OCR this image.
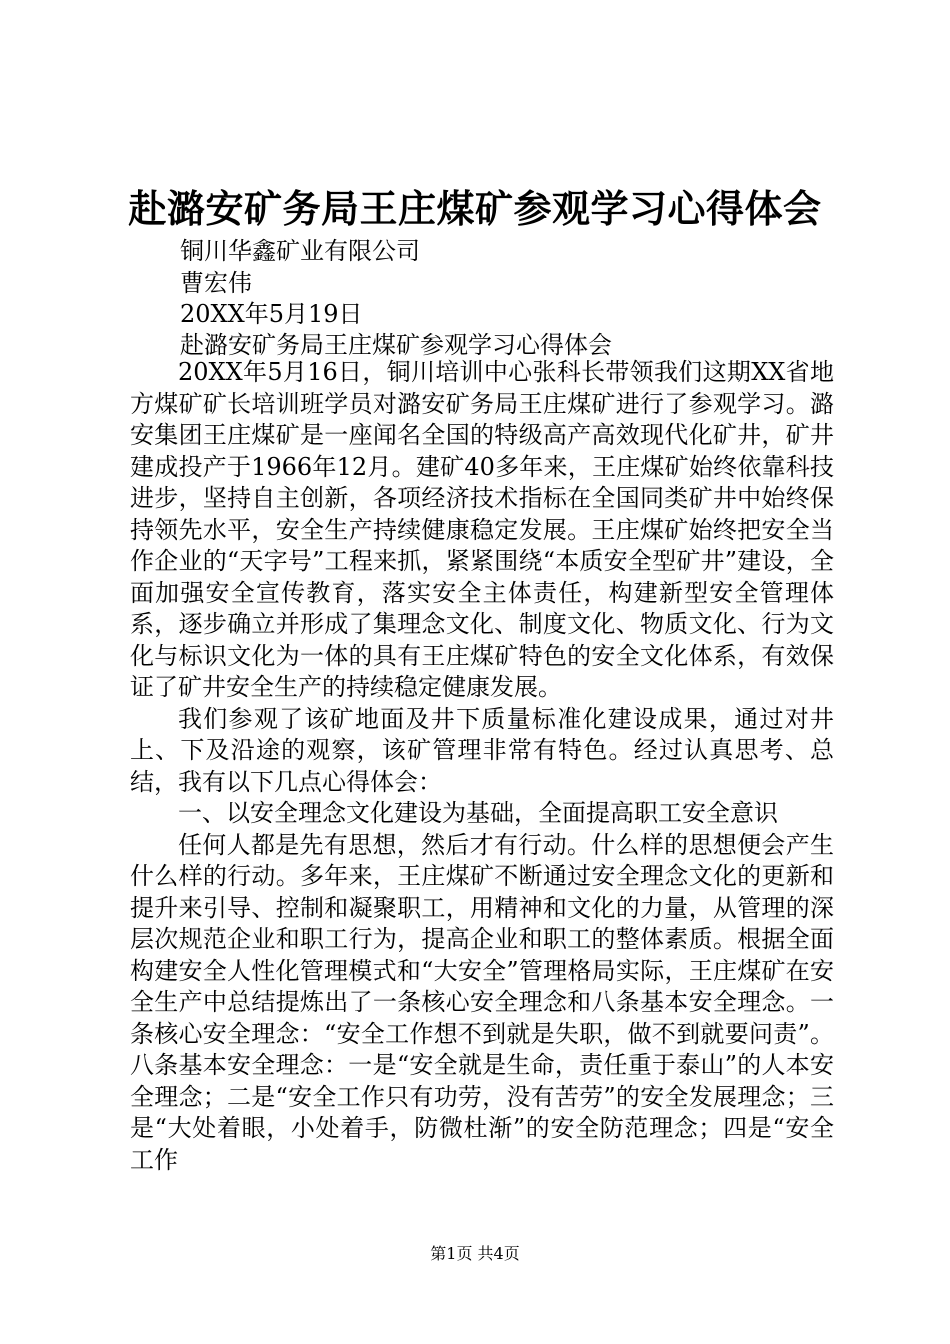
赴潞安矿务局王庄煤矿参观学习心得体会
铜川华鑫矿业有限公司
曹宏伟
20XX年5月19日
赴潞安矿务局王庄煤矿参观学习心得体会

20XX年5月16日，铜川培训中心张科长带领我们这期XX省地方煤矿矿长培训班学员对潞安矿务局王庄煤矿进行了参观学习。潞安集团王庄煤矿是一座闻名全国的特级高产高效现代化矿井，矿井建成投产于1966年12月。建矿40多年来，王庄煤矿始终依靠科技进步，坚持自主创新，各项经济技术指标在全国同类矿井中始终保持领先水平，安全生产持续健康稳定发展。王庄煤矿始终把安全当作企业的“天字号”工程来抓，紧紧围绕“本质安全型矿井”建设，全面加强安全宣传教育，落实安全主体责任，构建新型安全管理体系，逐步确立并形成了集理念文化、制度文化、物质文化、行为文化与标识文化为一体的具有王庄煤矿特色的安全文化体系，有效保证了矿井安全生产的持续稳定健康发展。

我们参观了该矿地面及井下质量标准化建设成果，通过对井上、下及沿途的观察，该矿管理非常有特色。经过认真思考、总结，我有以下几点心得体会：

一、以安全理念文化建设为基础，全面提高职工安全意识

任何人都是先有思想，然后才有行动。什么样的思想便会产生什么样的行动。多年来，王庄煤矿不断通过安全理念文化的更新和提升来引导、控制和凝聚职工，用精神和文化的力量，从管理的深层次规范企业和职工行为，提高企业和职工的整体素质。根据全面构建安全人性化管理模式和“大安全”管理格局实际，王庄煤矿在安全生产中总结提炼出了一条核心安全理念和八条基本安全理念。一条核心安全理念：“安全工作想不到就是失职，做不到就要问责”。八条基本安全理念：一是“安全就是生命，责任重于泰山”的人本安全理念；二是“安全工作只有功劳，没有苦劳”的安全发展理念；三是“大处着眼，小处着手，防微杜渐”的安全防范理念；四是“安全工作

第1页 共4页
